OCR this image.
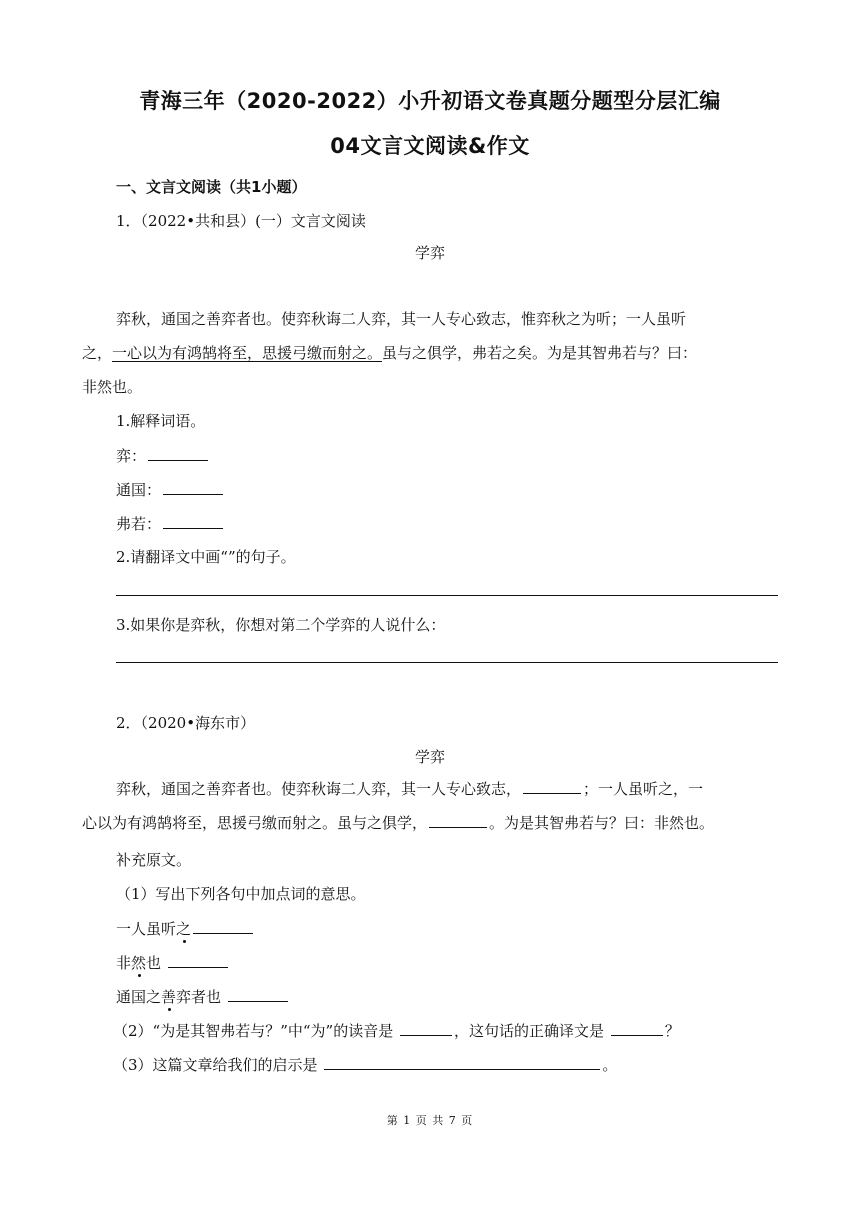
青海三年（2020-2022）小升初语文卷真题分题型分层汇编
04文言文阅读&作文
一、文言文阅读（共1小题）
1．（2022•共和县）(一）文言文阅读
学弈
弈秋，通国之善弈者也。使弈秋诲二人弈，其一人专心致志，惟弈秋之为听；一人虽听
之，一心以为有鸿鹄将至，思援弓缴而射之。虽与之俱学，弗若之矣。为是其智弗若与？曰：
非然也。
1.解释词语。
弈：
通国：
弗若：
2.请翻译文中画“”的句子。
3.如果你是弈秋，你想对第二个学弈的人说什么：
2．（2020•海东市）
学弈
弈秋，通国之善弈者也。使弈秋诲二人弈，其一人专心致志，	；一人虽听之，一
心以为有鸿鹄将至，思援弓缴而射之。虽与之俱学，	。为是其智弗若与？曰：非然也。
补充原文。
（1）写出下列各句中加点词的意思。
一人虽听之
非然也
通国之善弈者也
（2）“为是其智弗若与？”中“为”的读音是	，这句话的正确译文是	？
（3）这篇文章给我们的启示是	。
第 1 页 共 7 页
